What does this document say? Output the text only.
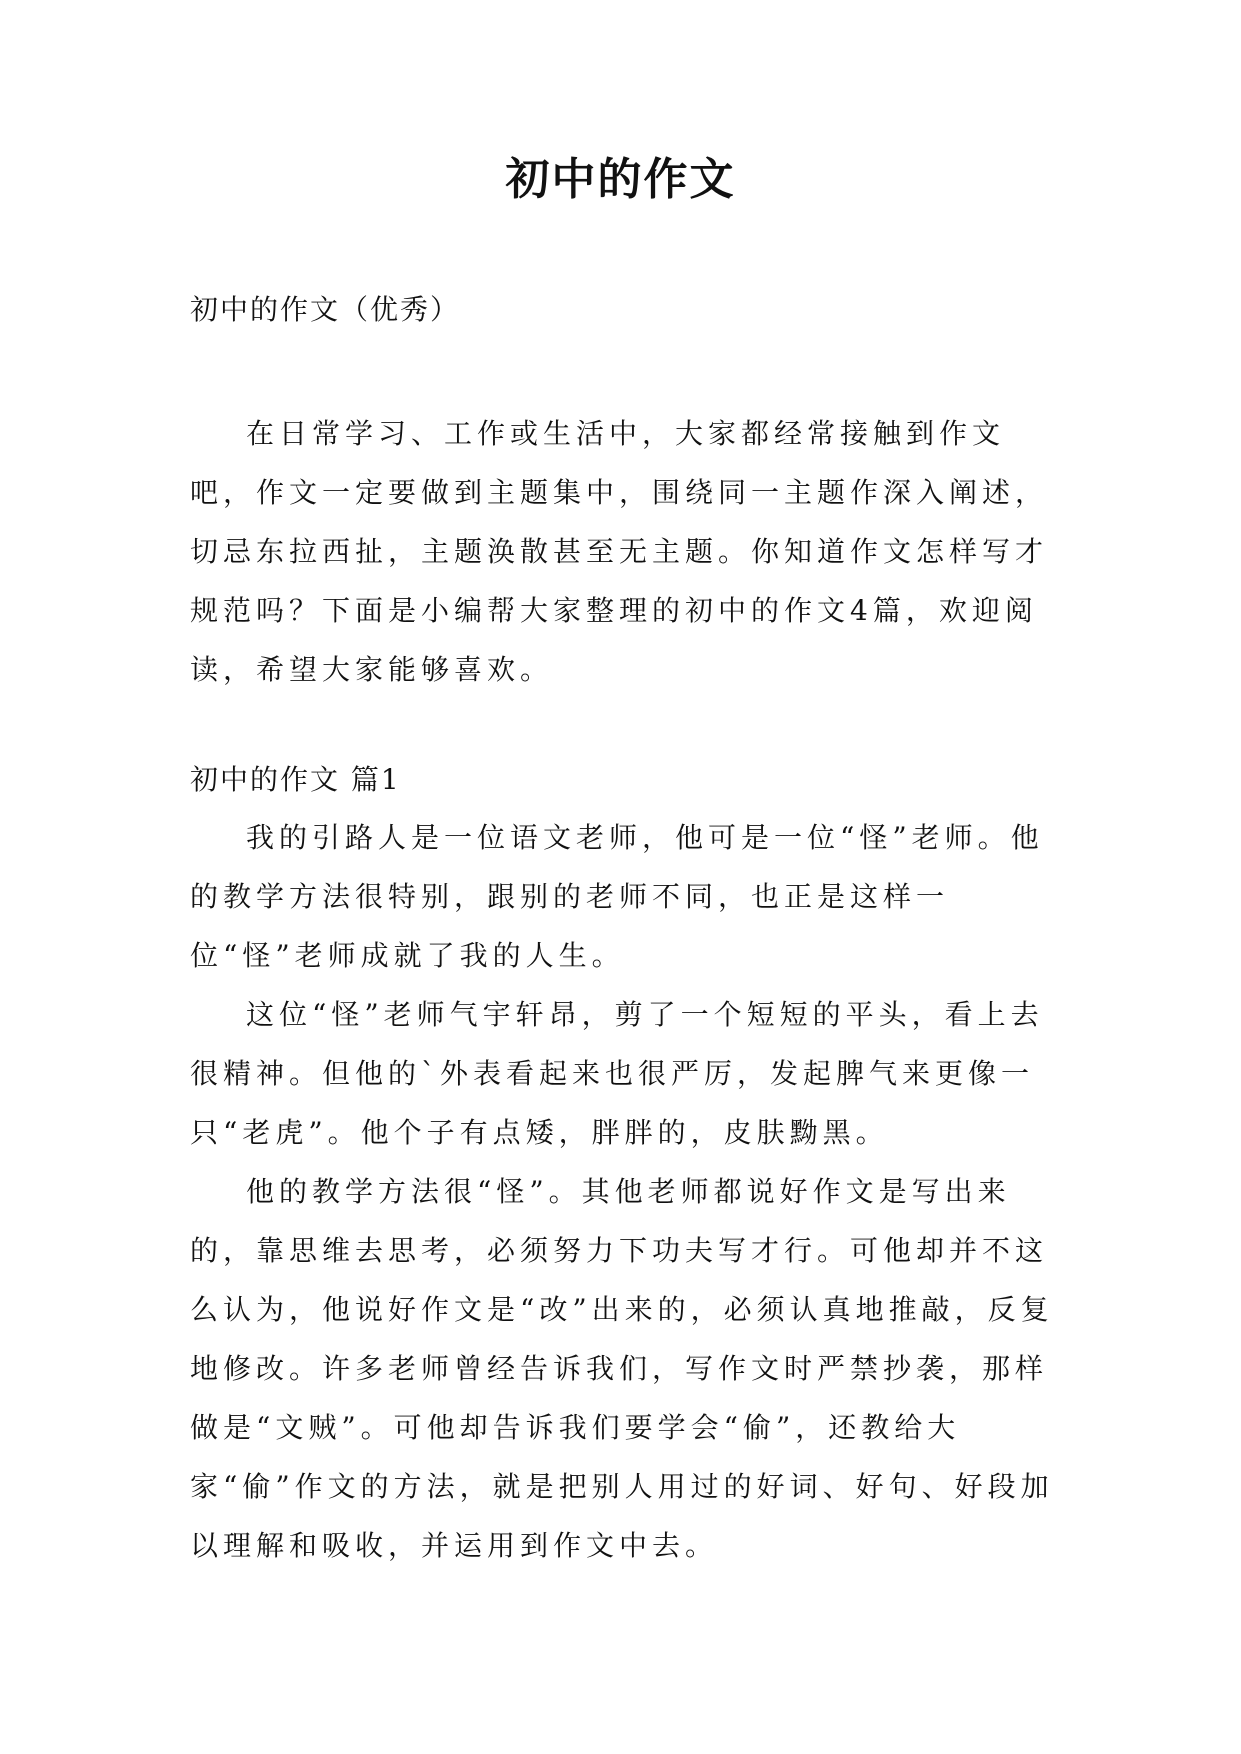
初中的作文
初中的作文（优秀）

在日常学习、工作或生活中，大家都经常接触到作文吧，作文一定要做到主题集中，围绕同一主题作深入阐述，切忌东拉西扯，主题涣散甚至无主题。你知道作文怎样写才规范吗？下面是小编帮大家整理的初中的作文4篇，欢迎阅读，希望大家能够喜欢。

初中的作文 篇1

我的引路人是一位语文老师，他可是一位“怪”老师。他的教学方法很特别，跟别的老师不同，也正是这样一位“怪”老师成就了我的人生。

这位“怪”老师气宇轩昂，剪了一个短短的平头，看上去很精神。但他的`外表看起来也很严厉，发起脾气来更像一只“老虎”。他个子有点矮，胖胖的，皮肤黝黑。

他的教学方法很“怪”。其他老师都说好作文是写出来的，靠思维去思考，必须努力下功夫写才行。可他却并不这么认为，他说好作文是“改”出来的，必须认真地推敲，反复地修改。许多老师曾经告诉我们，写作文时严禁抄袭，那样做是“文贼”。可他却告诉我们要学会“偷”，还教给大家“偷”作文的方法，就是把别人用过的好词、好句、好段加以理解和吸收，并运用到作文中去。
